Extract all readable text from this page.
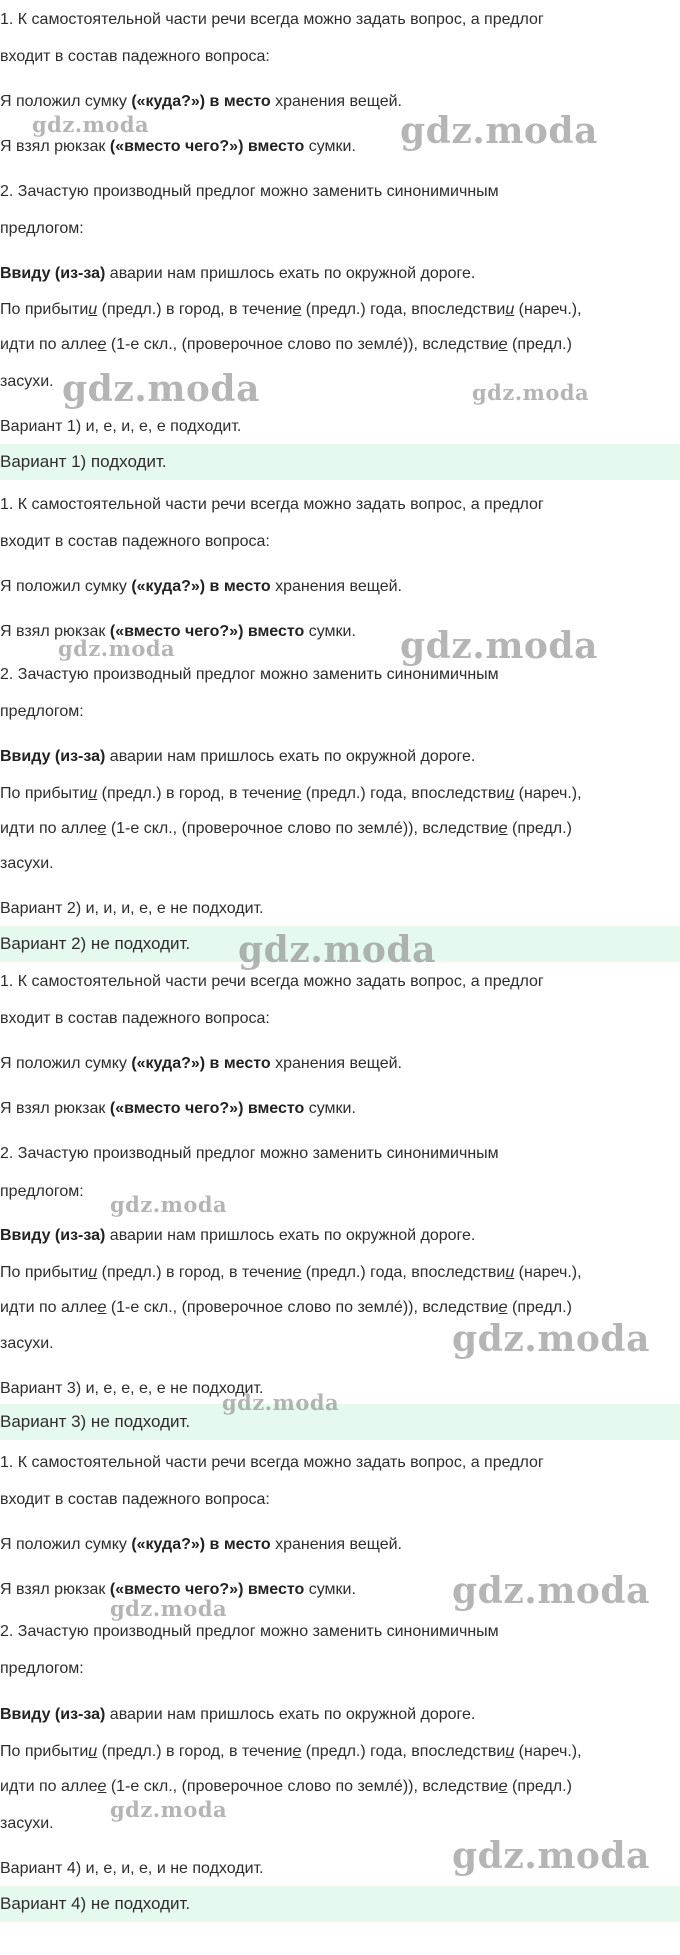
1. К самостоятельной части речи всегда можно задать вопрос, а предлог
входит в состав падежного вопроса:
Я положил сумку («куда?») в место хранения вещей.
Я взял рюкзак («вместо чего?») вместо сумки.
2. Зачастую производный предлог можно заменить синонимичным
предлогом:
Ввиду (из-за) аварии нам пришлось ехать по окружной дороге.
По прибытии (предл.) в город, в течение (предл.) года, впоследствии (нареч.),
идти по аллее (1-е скл., (проверочное слово по землé)), вследствие (предл.)
засухи.
Вариант 1) и, е, и, е, е подходит.
Вариант 1) подходит.
1. К самостоятельной части речи всегда можно задать вопрос, а предлог
входит в состав падежного вопроса:
Я положил сумку («куда?») в место хранения вещей.
Я взял рюкзак («вместо чего?») вместо сумки.
2. Зачастую производный предлог можно заменить синонимичным
предлогом:
Ввиду (из-за) аварии нам пришлось ехать по окружной дороге.
По прибытии (предл.) в город, в течение (предл.) года, впоследствии (нареч.),
идти по аллее (1-е скл., (проверочное слово по землé)), вследствие (предл.)
засухи.
Вариант 2) и, и, и, е, е не подходит.
Вариант 2) не подходит.
1. К самостоятельной части речи всегда можно задать вопрос, а предлог
входит в состав падежного вопроса:
Я положил сумку («куда?») в место хранения вещей.
Я взял рюкзак («вместо чего?») вместо сумки.
2. Зачастую производный предлог можно заменить синонимичным
предлогом:
Ввиду (из-за) аварии нам пришлось ехать по окружной дороге.
По прибытии (предл.) в город, в течение (предл.) года, впоследствии (нареч.),
идти по аллее (1-е скл., (проверочное слово по землé)), вследствие (предл.)
засухи.
Вариант 3) и, е, е, е, е не подходит.
Вариант 3) не подходит.
1. К самостоятельной части речи всегда можно задать вопрос, а предлог
входит в состав падежного вопроса:
Я положил сумку («куда?») в место хранения вещей.
Я взял рюкзак («вместо чего?») вместо сумки.
2. Зачастую производный предлог можно заменить синонимичным
предлогом:
Ввиду (из-за) аварии нам пришлось ехать по окружной дороге.
По прибытии (предл.) в город, в течение (предл.) года, впоследствии (нареч.),
идти по аллее (1-е скл., (проверочное слово по землé)), вследствие (предл.)
засухи.
Вариант 4) и, е, и, е, и не подходит.
Вариант 4) не подходит.
gdz.moda	gdz.moda
gdz.moda	gdz.moda
gdz.moda	gdz.moda
gdz.moda
gdz.moda
gdz.moda
gdz.moda
gdz.moda
gdz.moda
gdz.moda
gdz.moda
